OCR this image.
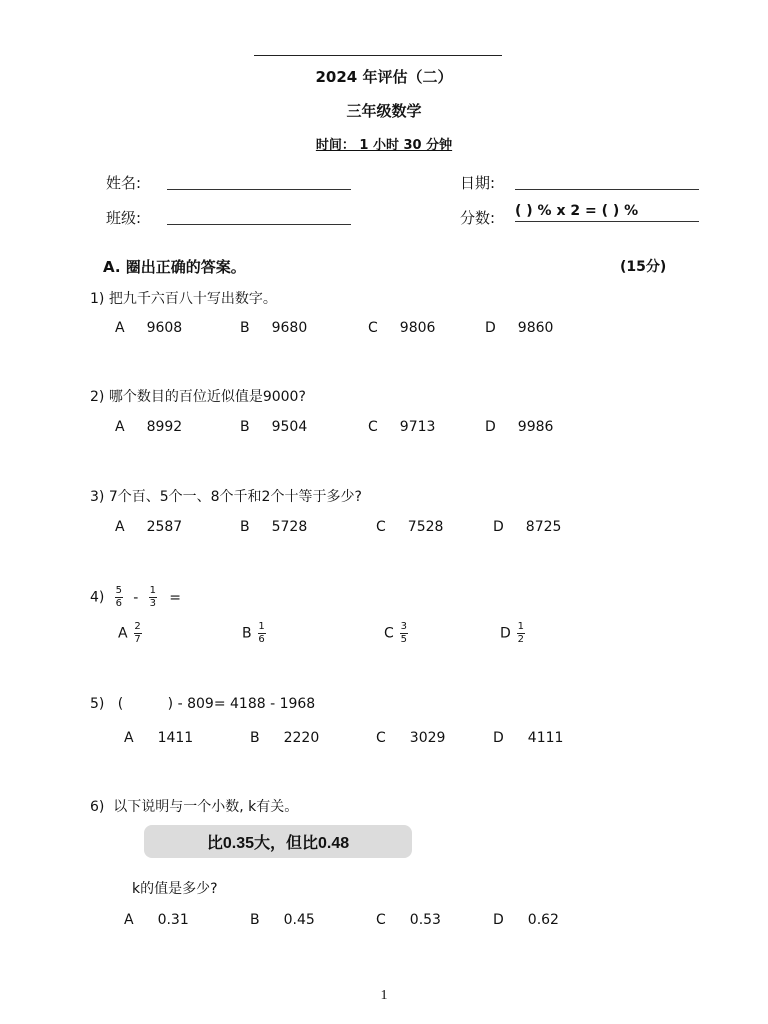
2024 年评估（二）
三年级数学
时间： 1 小时 30 分钟
姓名:	日期:
班级:	分数: ( ) % x 2 = ( ) %
A. 圈出正确的答案。	(15分)
1) 把九千六百八十写出数字。
A 9608	B 9680	C 9806	D 9860
2) 哪个数目的百位近似值是9000?
A 8992	B 9504	C 9713	D 9986
3) 7个百、5个一、8个千和2个十等于多少?
A 2587	B 5728	C 7528	D 8725
$4) \frac{5}{6} - \frac{1}{3}$ =
A $\frac{2}{7}$	B $\frac{1}{6}$	C $\frac{3}{5}$	D $\frac{1}{2}$
5)   (          ) - 809= 4188 - 1968
A 1411	B 2220	C 3029	D 4111
6)  以下说明与一个小数, k有关。
比0.35大，但比0.48
k的值是多少?
A 0.31	B 0.45	C 0.53	D 0.62
1
